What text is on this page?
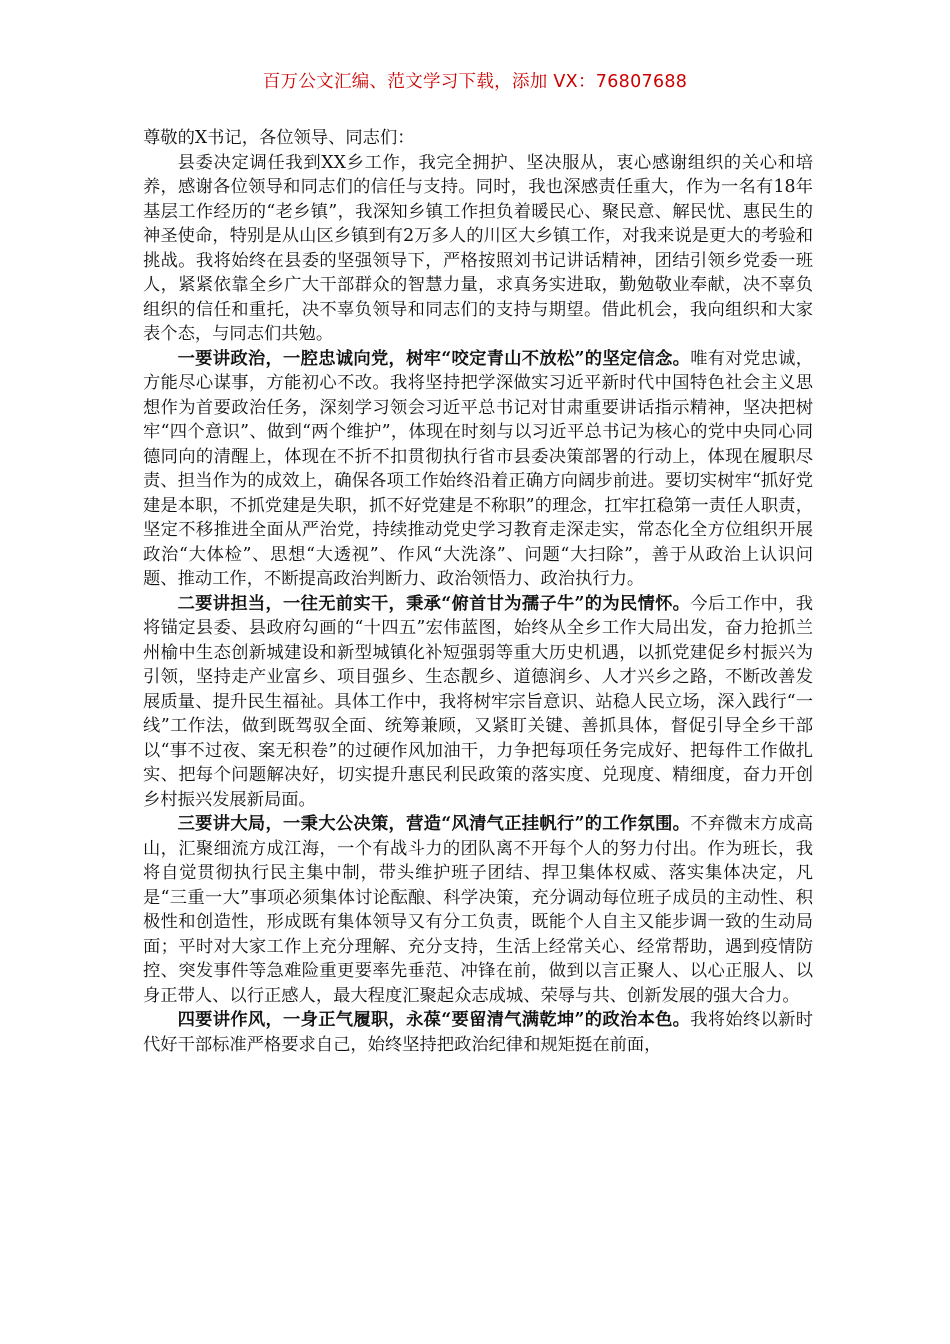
百万公文汇编、范文学习下载，添加 VX：76807688

尊敬的X书记，各位领导、同志们：

县委决定调任我到XX乡工作，我完全拥护、坚决服从，衷心感谢组织的关心和培养，感谢各位领导和同志们的信任与支持。同时，我也深感责任重大，作为一名有18年基层工作经历的“老乡镇”，我深知乡镇工作担负着暖民心、聚民意、解民忧、惠民生的神圣使命，特别是从山区乡镇到有2万多人的川区大乡镇工作，对我来说是更大的考验和挑战。我将始终在县委的坚强领导下，严格按照刘书记讲话精神，团结引领乡党委一班人，紧紧依靠全乡广大干部群众的智慧力量，求真务实进取，勤勉敬业奉献，决不辜负组织的信任和重托，决不辜负领导和同志们的支持与期望。借此机会，我向组织和大家表个态，与同志们共勉。

一要讲政治，一腔忠诚向党，树牢“咬定青山不放松”的坚定信念。唯有对党忠诚，方能尽心谋事，方能初心不改。我将坚持把学深做实习近平新时代中国特色社会主义思想作为首要政治任务，深刻学习领会习近平总书记对甘肃重要讲话指示精神，坚决把树牢“四个意识”、做到“两个维护”，体现在时刻与以习近平总书记为核心的党中央同心同德同向的清醒上，体现在不折不扣贯彻执行省市县委决策部署的行动上，体现在履职尽责、担当作为的成效上，确保各项工作始终沿着正确方向阔步前进。要切实树牢“抓好党建是本职，不抓党建是失职，抓不好党建是不称职”的理念，扛牢扛稳第一责任人职责，坚定不移推进全面从严治党，持续推动党史学习教育走深走实，常态化全方位组织开展政治“大体检”、思想“大透视”、作风“大洗涤”、问题“大扫除”，善于从政治上认识问题、推动工作，不断提高政治判断力、政治领悟力、政治执行力。

二要讲担当，一往无前实干，秉承“俯首甘为孺子牛”的为民情怀。今后工作中，我将锚定县委、县政府勾画的“十四五”宏伟蓝图，始终从全乡工作大局出发，奋力抢抓兰州榆中生态创新城建设和新型城镇化补短强弱等重大历史机遇，以抓党建促乡村振兴为引领，坚持走产业富乡、项目强乡、生态靓乡、道德润乡、人才兴乡之路，不断改善发展质量、提升民生福祉。具体工作中，我将树牢宗旨意识、站稳人民立场，深入践行“一线”工作法，做到既驾驭全面、统筹兼顾，又紧盯关键、善抓具体，督促引导全乡干部以“事不过夜、案无积卷”的过硬作风加油干，力争把每项任务完成好、把每件工作做扎实、把每个问题解决好，切实提升惠民利民政策的落实度、兑现度、精细度，奋力开创乡村振兴发展新局面。

三要讲大局，一秉大公决策，营造“风清气正挂帆行”的工作氛围。不弃微末方成高山，汇聚细流方成江海，一个有战斗力的团队离不开每个人的努力付出。作为班长，我将自觉贯彻执行民主集中制，带头维护班子团结、捍卫集体权威、落实集体决定，凡是“三重一大”事项必须集体讨论酝酿、科学决策，充分调动每位班子成员的主动性、积极性和创造性，形成既有集体领导又有分工负责，既能个人自主又能步调一致的生动局面；平时对大家工作上充分理解、充分支持，生活上经常关心、经常帮助，遇到疫情防控、突发事件等急难险重更要率先垂范、冲锋在前，做到以言正聚人、以心正服人、以身正带人、以行正感人，最大程度汇聚起众志成城、荣辱与共、创新发展的强大合力。

四要讲作风，一身正气履职，永葆“要留清气满乾坤”的政治本色。我将始终以新时代好干部标准严格要求自己，始终坚持把政治纪律和规矩挺在前面，
